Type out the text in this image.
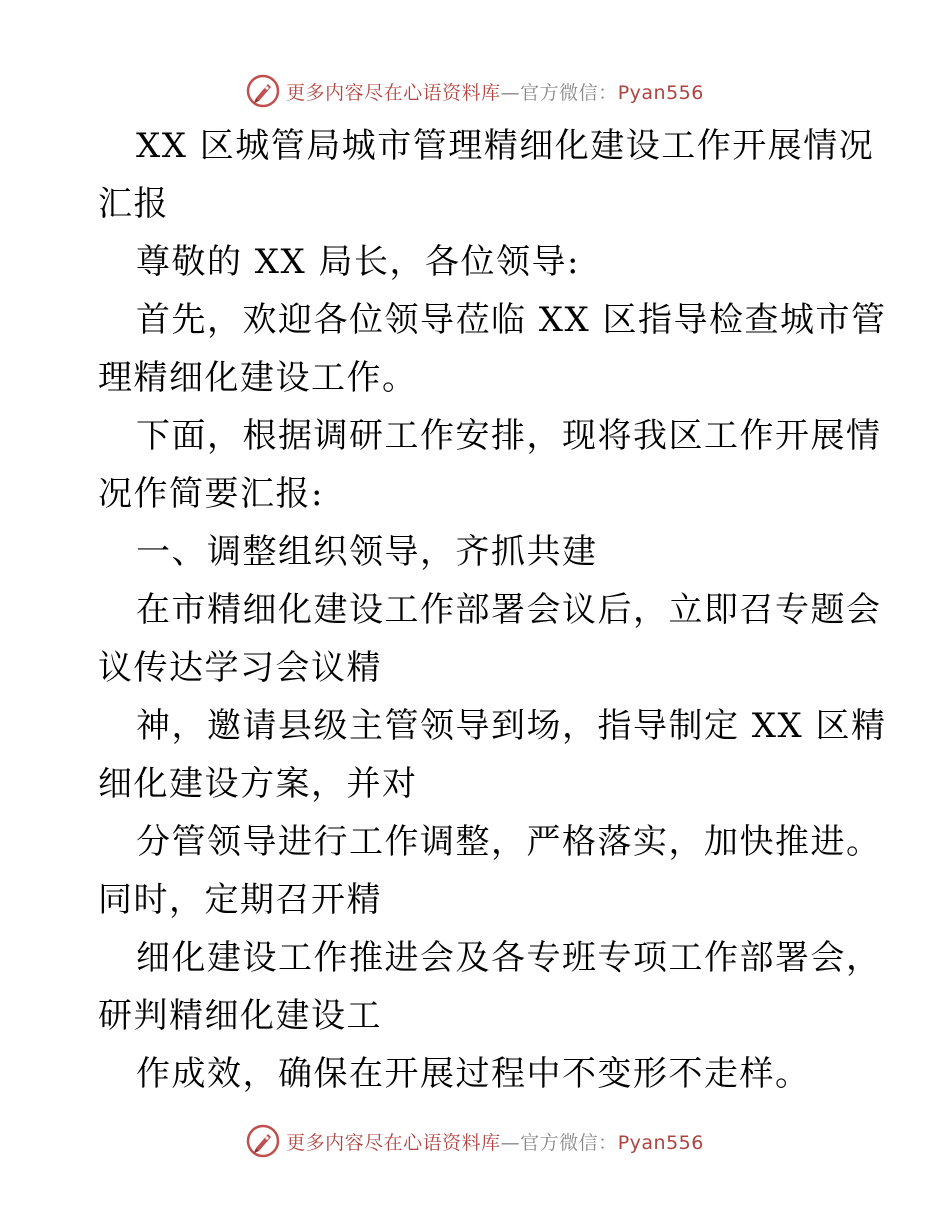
更多内容尽在心语资料库—官方微信：Pyan556
XX 区城管局城市管理精细化建设工作开展情况
汇报
尊敬的 XX 局长，各位领导:
首先，欢迎各位领导莅临 XX 区指导检查城市管
理精细化建设工作。
下面，根据调研工作安排，现将我区工作开展情
况作简要汇报:
一、调整组织领导，齐抓共建
在市精细化建设工作部署会议后，立即召专题会
议传达学习会议精
神，邀请县级主管领导到场，指导制定 XX 区精
细化建设方案，并对
分管领导进行工作调整，严格落实，加快推进。
同时，定期召开精
细化建设工作推进会及各专班专项工作部署会，
研判精细化建设工
作成效，确保在开展过程中不变形不走样。
更多内容尽在心语资料库—官方微信：Pyan556
